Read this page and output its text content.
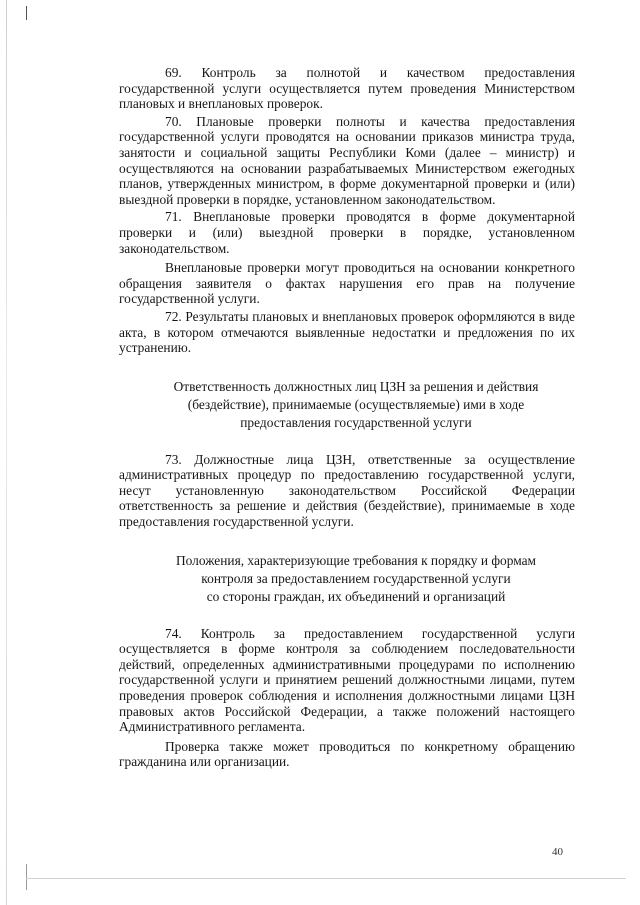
69. Контроль за полнотой и качеством предоставления государственной услуги осуществляется путем проведения Министерством плановых и внеплановых проверок.

70. Плановые проверки полноты и качества предоставления государственной услуги проводятся на основании приказов министра труда, занятости и социальной защиты Республики Коми (далее – министр) и осуществляются на основании разрабатываемых Министерством ежегодных планов, утвержденных министром, в форме документарной проверки и (или) выездной проверки в порядке, установленном законодательством.

71. Внеплановые проверки проводятся в форме документарной проверки и (или) выездной проверки в порядке, установленном законодательством.

Внеплановые проверки могут проводиться на основании конкретного обращения заявителя о фактах нарушения его прав на получение государственной услуги.

72. Результаты плановых и внеплановых проверок оформляются в виде акта, в котором отмечаются выявленные недостатки и предложения по их устранению.

Ответственность должностных лиц ЦЗН за решения и действия
(бездействие), принимаемые (осуществляемые) ими в ходе
предоставления государственной услуги

73. Должностные лица ЦЗН, ответственные за осуществление административных процедур по предоставлению государственной услуги, несут установленную законодательством Российской Федерации ответственность за решение и действия (бездействие), принимаемые в ходе предоставления государственной услуги.

Положения, характеризующие требования к порядку и формам
контроля за предоставлением государственной услуги
со стороны граждан, их объединений и организаций

74. Контроль за предоставлением государственной услуги осуществляется в форме контроля за соблюдением последовательности действий, определенных административными процедурами по исполнению государственной услуги и принятием решений должностными лицами, путем проведения проверок соблюдения и исполнения должностными лицами ЦЗН правовых актов Российской Федерации, а также положений настоящего Административного регламента.

Проверка также может проводиться по конкретному обращению гражданина или организации.

40
